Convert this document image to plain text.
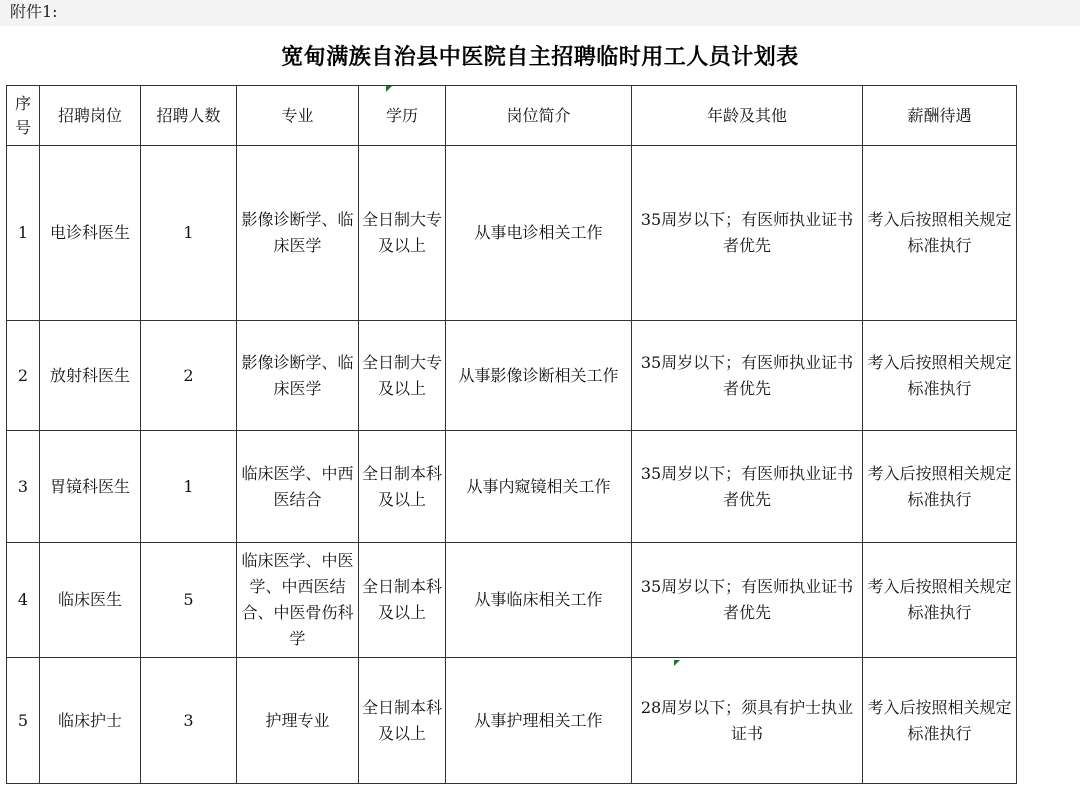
附件1:
宽甸满族自治县中医院自主招聘临时用工人员计划表
序号	招聘岗位	招聘人数	专业	学历	岗位简介	年龄及其他	薪酬待遇
1	电诊科医生	1	影像诊断学、临床医学	全日制大专及以上	从事电诊相关工作	35周岁以下；有医师执业证书者优先	考入后按照相关规定标准执行
2	放射科医生	2	影像诊断学、临床医学	全日制大专及以上	从事影像诊断相关工作	35周岁以下；有医师执业证书者优先	考入后按照相关规定标准执行
3	胃镜科医生	1	临床医学、中西医结合	全日制本科及以上	从事内窥镜相关工作	35周岁以下；有医师执业证书者优先	考入后按照相关规定标准执行
4	临床医生	5	临床医学、中医学、中西医结合、中医骨伤科学	全日制本科及以上	从事临床相关工作	35周岁以下；有医师执业证书者优先	考入后按照相关规定标准执行
5	临床护士	3	护理专业	全日制本科及以上	从事护理相关工作	28周岁以下；须具有护士执业证书	考入后按照相关规定标准执行
